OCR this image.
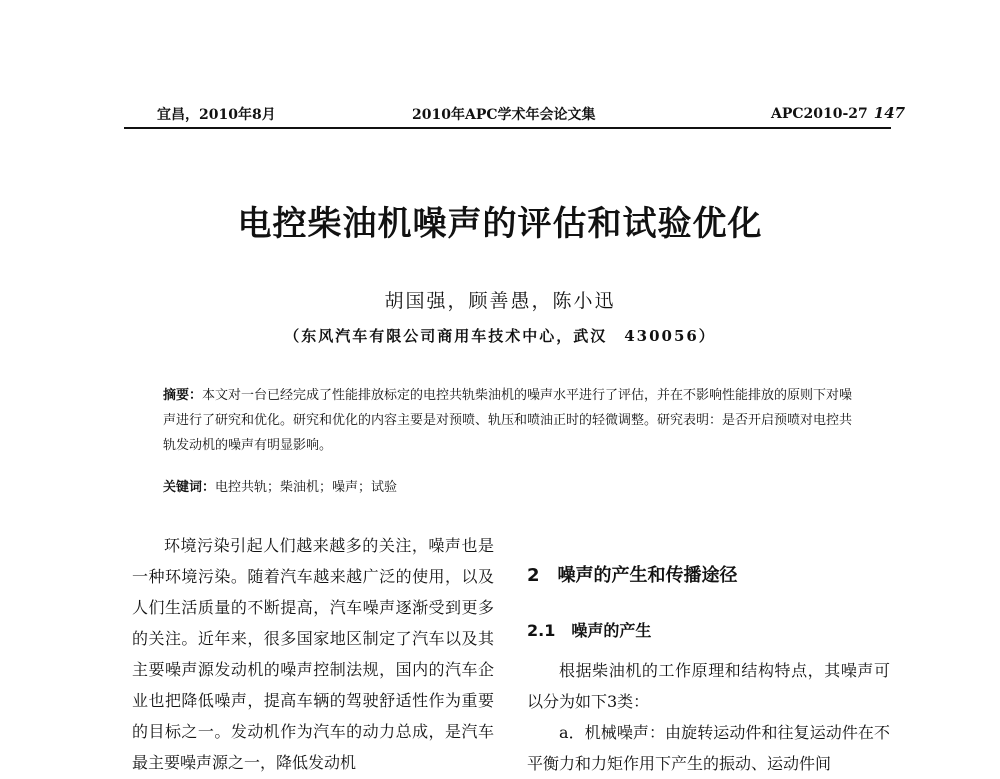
宜昌，2010年8月	2010年APC学术年会论文集	APC2010-27 147
电控柴油机噪声的评估和试验优化
胡国强，顾善愚，陈小迅
（东风汽车有限公司商用车技术中心，武汉　430056）
摘要：本文对一台已经完成了性能排放标定的电控共轨柴油机的噪声水平进行了评估，并在不影响性能排放的原则下对噪声进行了研究和优化。研究和优化的内容主要是对预喷、轨压和喷油正时的轻微调整。研究表明：是否开启预喷对电控共轨发动机的噪声有明显影响。
关键词：电控共轨；柴油机；噪声；试验

环境污染引起人们越来越多的关注，噪声也是一种环境污染。随着汽车越来越广泛的使用，以及人们生活质量的不断提高，汽车噪声逐渐受到更多的关注。近年来，很多国家地区制定了汽车以及其主要噪声源发动机的噪声控制法规，国内的汽车企业也把降低噪声，提高车辆的驾驶舒适性作为重要的目标之一。发动机作为汽车的动力总成，是汽车最主要噪声源之一，降低发动机

2　噪声的产生和传播途径
2.1　噪声的产生

根据柴油机的工作原理和结构特点，其噪声可以分为如下3类：

a．机械噪声：由旋转运动件和往复运动件在不平衡力和力矩作用下产生的振动、运动件间
